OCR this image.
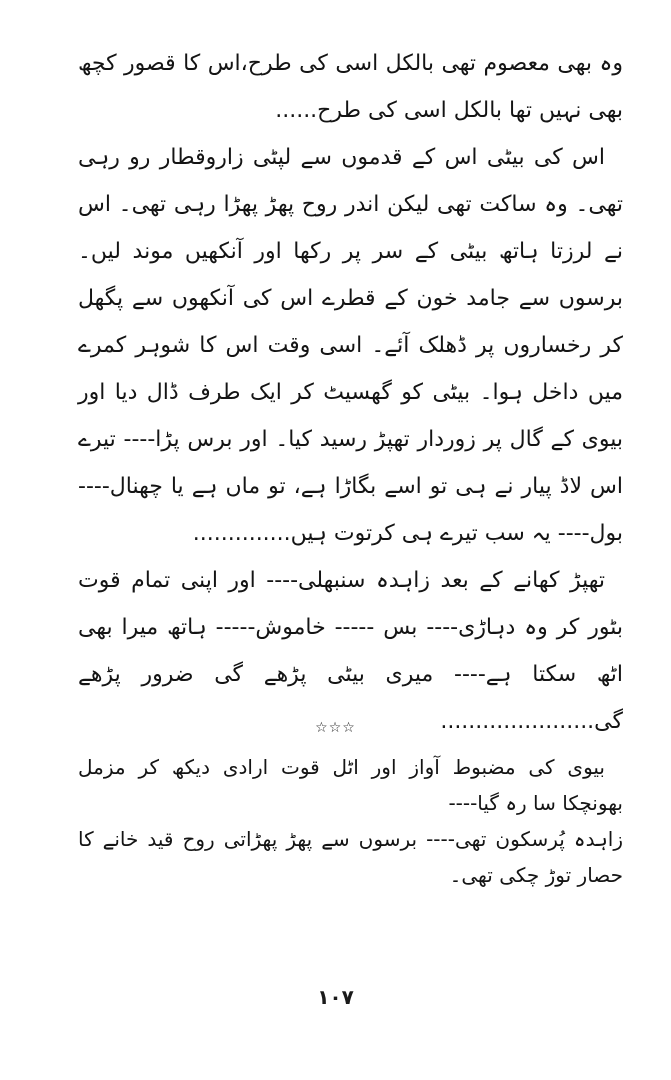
وہ بھی معصوم تھی بالکل اسی کی طرح،اس کا قصور کچھ بھی نہیں تھا بالکل اسی کی طرح......

اس کی بیٹی اس کے قدموں سے لپٹی زاروقطار رو رہی تھی۔ وہ ساکت تھی لیکن اندر روح پھڑ پھڑا رہی تھی۔ اس نے لرزتا ہاتھ بیٹی کے سر پر رکھا اور آنکھیں موند لیں۔ برسوں سے جامد خون کے قطرے اس کی آنکھوں سے پگھل کر رخساروں پر ڈھلک آئے۔ اسی وقت اس کا شوہر کمرے میں داخل ہوا۔ بیٹی کو گھسیٹ کر ایک طرف ڈال دیا اور بیوی کے گال پر زوردار تھپڑ رسید کیا۔ اور برس پڑا---- تیرے اس لاڈ پیار نے ہی تو اسے بگاڑا ہے، تو ماں ہے یا چھنال---- بول---- یہ سب تیرے ہی کرتوت ہیں..............

تھپڑ کھانے کے بعد زاہدہ سنبھلی---- اور اپنی تمام قوت بٹور کر وہ دہاڑی---- بس ----- خاموش----- ہاتھ میرا بھی اٹھ سکتا ہے---- میری بیٹی پڑھے گی ضرور پڑھے گی......................

بیوی کی مضبوط آواز اور اٹل قوت ارادی دیکھ کر مزمل بھونچکا سا رہ گیا----

زاہدہ پُرسکون تھی---- برسوں سے پھڑ پھڑاتی روح قید خانے کا حصار توڑ چکی تھی۔

☆☆☆
۱۰۷
